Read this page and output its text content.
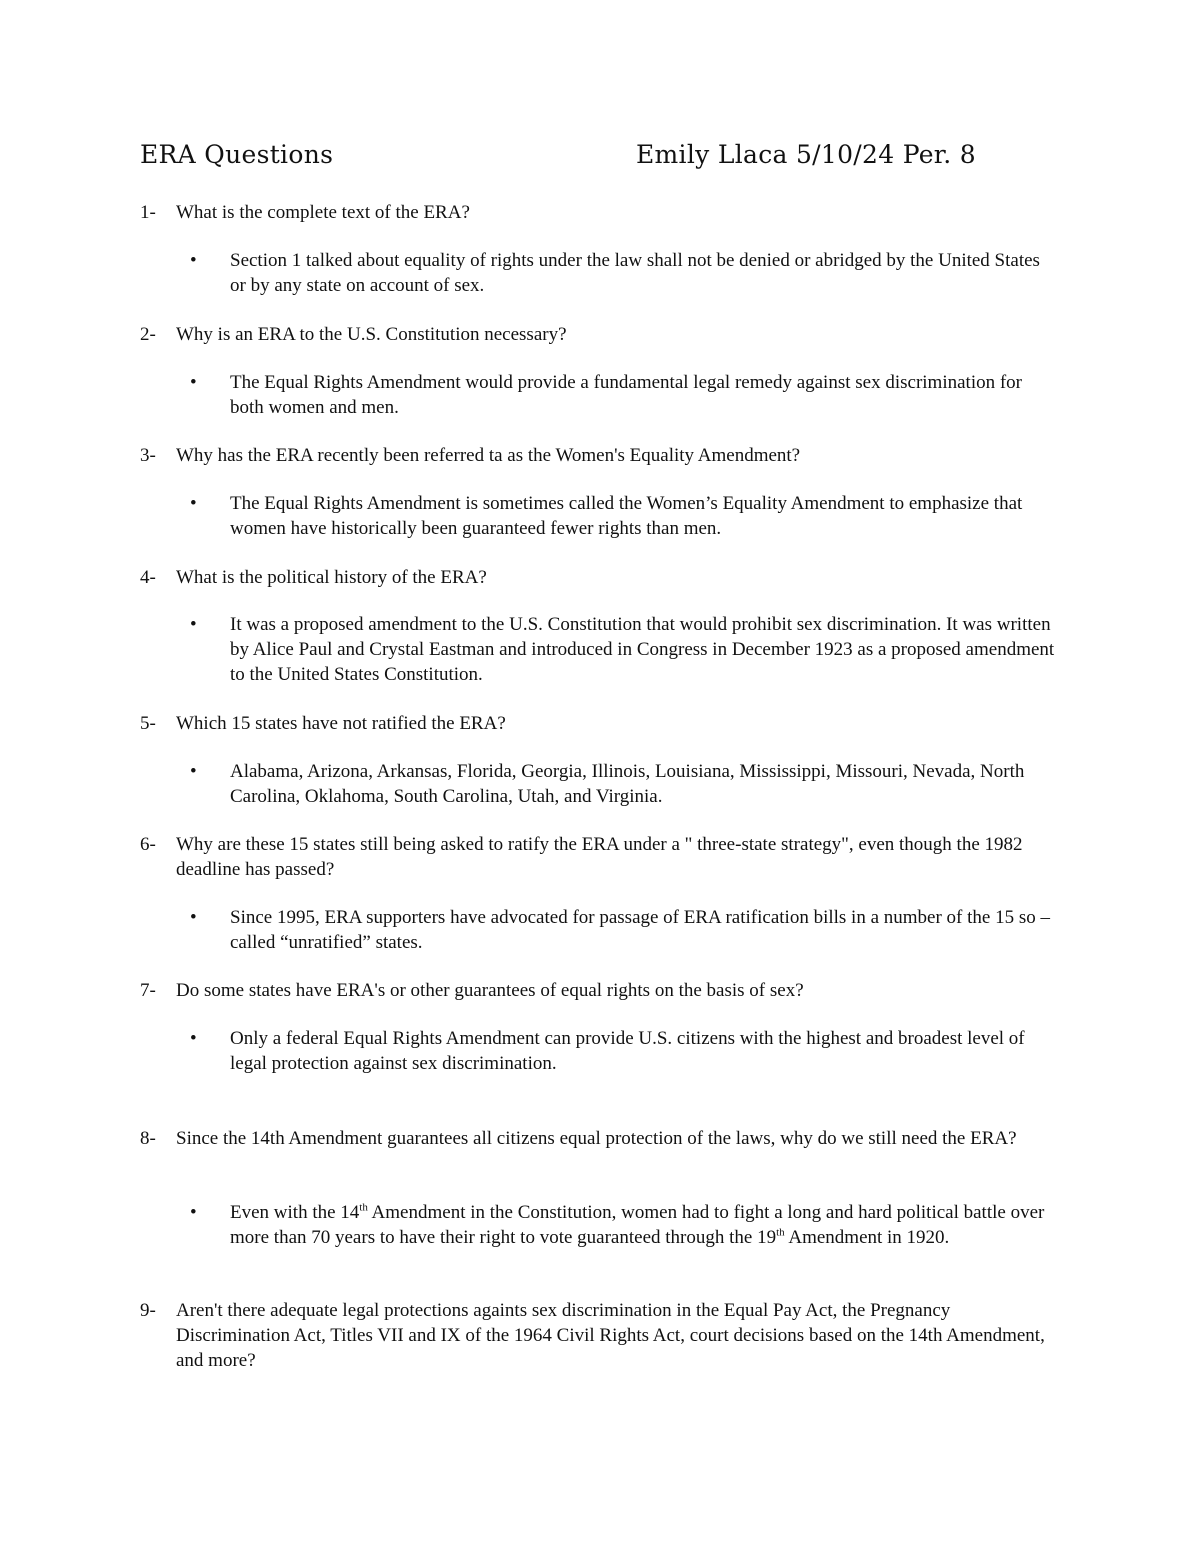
ERA Questions	Emily Llaca 5/10/24 Per. 8
1- What is the complete text of the ERA?
•	Section 1 talked about equality of rights under the law shall not be denied or abridged by the United States or by any state on account of sex.
2- Why is an ERA to the U.S. Constitution necessary?
•	The Equal Rights Amendment would provide a fundamental legal remedy against sex discrimination for both women and men.
3- Why has the ERA recently been referred ta as the Women's Equality Amendment?
•	The Equal Rights Amendment is sometimes called the Women’s Equality Amendment to emphasize that women have historically been guaranteed fewer rights than men.
4- What is the political history of the ERA?
•	It was a proposed amendment to the U.S. Constitution that would prohibit sex discrimination. It was written by Alice Paul and Crystal Eastman and introduced in Congress in December 1923 as a proposed amendment to the United States Constitution.
5- Which 15 states have not ratified the ERA?
•	Alabama, Arizona, Arkansas, Florida, Georgia, Illinois, Louisiana, Mississippi, Missouri, Nevada, North Carolina, Oklahoma, South Carolina, Utah, and Virginia.
6- Why are these 15 states still being asked to ratify the ERA under a " three-state strategy", even though the 1982 deadline has passed?
•	Since 1995, ERA supporters have advocated for passage of ERA ratification bills in a number of the 15 so – called “unratified” states.
7- Do some states have ERA's or other guarantees of equal rights on the basis of sex?
•	Only a federal Equal Rights Amendment can provide U.S. citizens with the highest and broadest level of legal protection against sex discrimination.
8- Since the 14th Amendment guarantees all citizens equal protection of the laws, why do we still need the ERA?
•	Even with the 14th Amendment in the Constitution, women had to fight a long and hard political battle over more than 70 years to have their right to vote guaranteed through the 19th Amendment in 1920.
9- Aren't there adequate legal protections againts sex discrimination in the Equal Pay Act, the Pregnancy Discrimination Act, Titles VII and IX of the 1964 Civil Rights Act, court decisions based on the 14th Amendment, and more?
